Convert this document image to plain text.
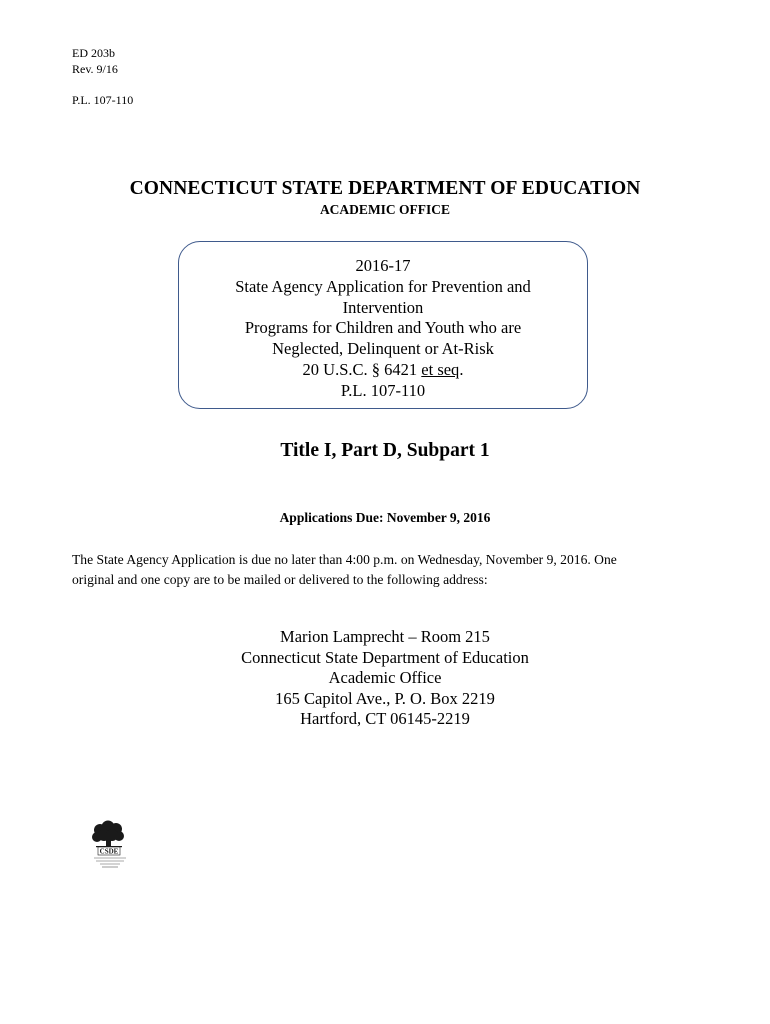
ED 203b
Rev. 9/16
P.L. 107-110
CONNECTICUT STATE DEPARTMENT OF EDUCATION
ACADEMIC OFFICE
2016-17
State Agency Application for Prevention and
Intervention
Programs for Children and Youth who are
Neglected, Delinquent or At-Risk
20 U.S.C. § 6421 et seq.
P.L. 107-110
Title I, Part D, Subpart 1
Applications Due: November 9, 2016
The State Agency Application is due no later than 4:00 p.m. on Wednesday, November 9, 2016. One
original and one copy are to be mailed or delivered to the following address:
Marion Lamprecht – Room 215
Connecticut State Department of Education
Academic Office
165 Capitol Ave., P. O. Box 2219
Hartford, CT 06145-2219
CSDE
